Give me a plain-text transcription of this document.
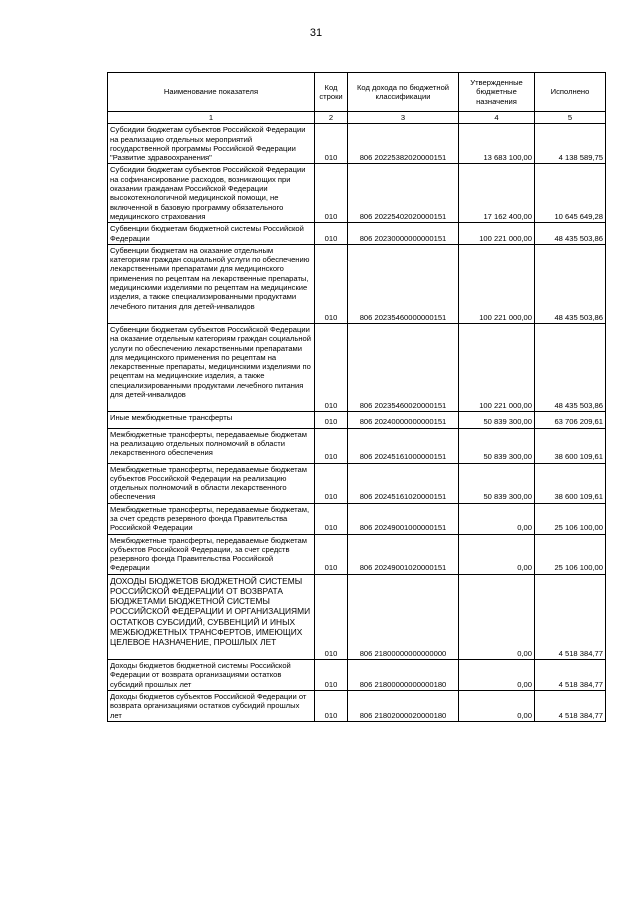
31
Наименование показателя	Код строки	Код дохода по бюджетной классификации	Утвержденные бюджетные назначения	Исполнено
1	2	3	4	5
Субсидии бюджетам субъектов Российской Федерации на реализацию отдельных мероприятий государственной программы Российской Федерации "Развитие здравоохранения"	010	806 20225382020000151	13 683 100,00	4 138 589,75
Субсидии бюджетам субъектов Российской Федерации на софинансирование расходов, возникающих при оказании гражданам Российской Федерации высокотехнологичной медицинской помощи, не включенной в базовую программу обязательного медицинского страхования	010	806 20225402020000151	17 162 400,00	10 645 649,28
Субвенции бюджетам бюджетной системы Российской Федерации	010	806 20230000000000151	100 221 000,00	48 435 503,86
Субвенции бюджетам на оказание отдельным категориям граждан социальной услуги по обеспечению лекарственными препаратами для медицинского применения по рецептам на лекарственные препараты, медицинскими изделиями по рецептам на медицинские изделия, а также специализированными продуктами лечебного питания для детей-инвалидов	010	806 20235460000000151	100 221 000,00	48 435 503,86
Субвенции бюджетам субъектов Российской Федерации на оказание отдельным категориям граждан социальной услуги по обеспечению лекарственными препаратами для медицинского применения по рецептам на лекарственные препараты, медицинскими изделиями по рецептам на медицинские изделия, а также специализированными продуктами лечебного питания для детей-инвалидов	010	806 20235460020000151	100 221 000,00	48 435 503,86
Иные межбюджетные трансферты	010	806 20240000000000151	50 839 300,00	63 706 209,61
Межбюджетные трансферты, передаваемые бюджетам на реализацию отдельных полномочий в области лекарственного обеспечения	010	806 20245161000000151	50 839 300,00	38 600 109,61
Межбюджетные трансферты, передаваемые бюджетам субъектов Российской Федерации на реализацию отдельных полномочий в области лекарственного обеспечения	010	806 20245161020000151	50 839 300,00	38 600 109,61
Межбюджетные трансферты, передаваемые бюджетам, за счет средств резервного фонда Правительства Российской Федерации	010	806 20249001000000151	0,00	25 106 100,00
Межбюджетные трансферты, передаваемые бюджетам субъектов Российской Федерации, за счет средств резервного фонда Правительства Российской Федерации	010	806 20249001020000151	0,00	25 106 100,00
ДОХОДЫ БЮДЖЕТОВ БЮДЖЕТНОЙ СИСТЕМЫ РОССИЙСКОЙ ФЕДЕРАЦИИ ОТ ВОЗВРАТА БЮДЖЕТАМИ БЮДЖЕТНОЙ СИСТЕМЫ РОССИЙСКОЙ ФЕДЕРАЦИИ И ОРГАНИЗАЦИЯМИ ОСТАТКОВ СУБСИДИЙ, СУБВЕНЦИЙ И ИНЫХ МЕЖБЮДЖЕТНЫХ ТРАНСФЕРТОВ, ИМЕЮЩИХ ЦЕЛЕВОЕ НАЗНАЧЕНИЕ, ПРОШЛЫХ ЛЕТ	010	806 21800000000000000	0,00	4 518 384,77
Доходы бюджетов бюджетной системы Российской Федерации от возврата организациями остатков субсидий прошлых лет	010	806 21800000000000180	0,00	4 518 384,77
Доходы бюджетов субъектов Российской Федерации от возврата организациями остатков субсидий прошлых лет	010	806 21802000020000180	0,00	4 518 384,77
